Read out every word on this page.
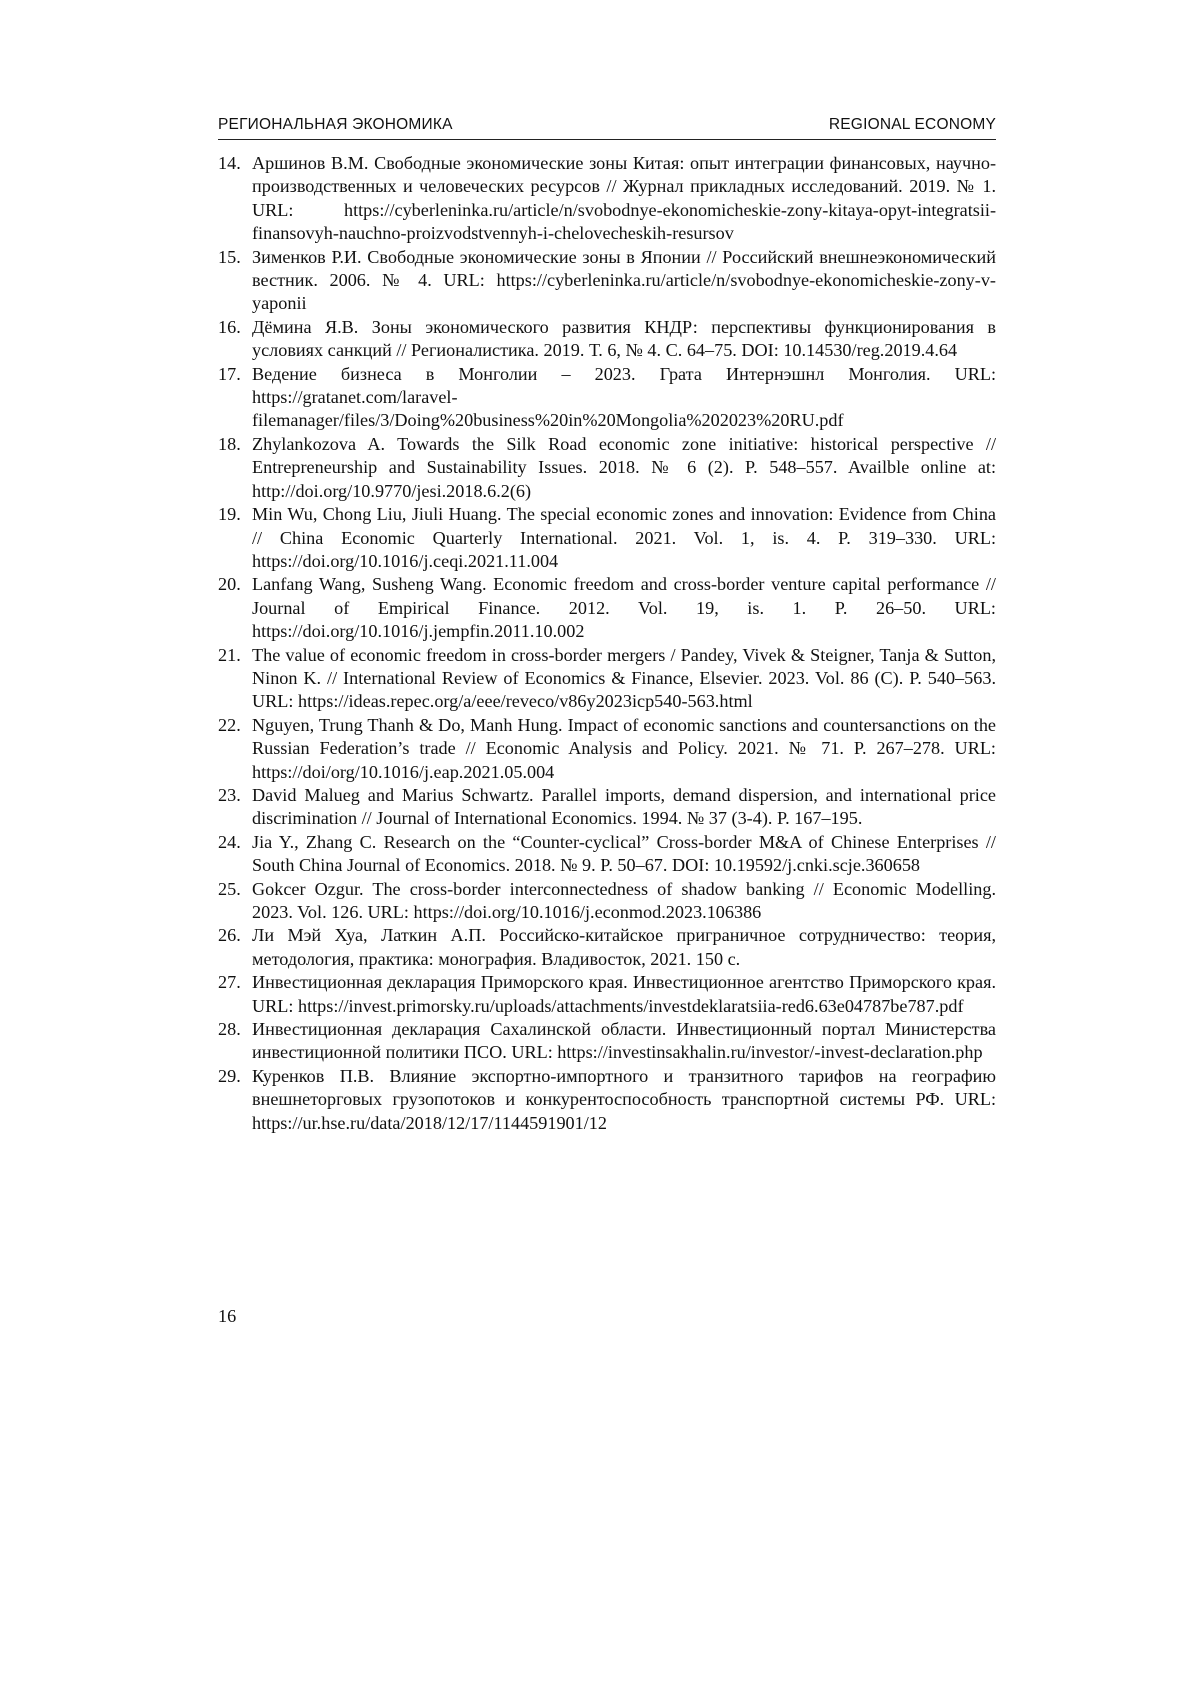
РЕГИОНАЛЬНАЯ ЭКОНОМИКА	REGIONAL ECONOMY
14. Аршинов В.М. Свободные экономические зоны Китая: опыт интеграции финансовых, научно-производственных и человеческих ресурсов // Журнал прикладных исследований. 2019. № 1. URL: https://cyberleninka.ru/article/n/svobodnye-ekonomicheskie-zony-kitaya-opyt-integratsii-finansovyh-nauchno-proizvodstvennyh-i-chelovecheskih-resursov
15. Зименков Р.И. Свободные экономические зоны в Японии // Российский внешнеэкономический вестник. 2006. № 4. URL: https://cyberleninka.ru/article/n/svobodnye-ekonomicheskie-zony-v-yaponii
16. Дёмина Я.В. Зоны экономического развития КНДР: перспективы функционирования в условиях санкций // Регионалистика. 2019. Т. 6, № 4. С. 64–75. DOI: 10.14530/reg.2019.4.64
17. Ведение бизнеса в Монголии – 2023. Грата Интернэшнл Монголия. URL: https://gratanet.com/laravel-filemanager/files/3/Doing%20business%20in%20Mongolia%202023%20RU.pdf
18. Zhylankozova A. Towards the Silk Road economic zone initiative: historical perspective // Entrepreneurship and Sustainability Issues. 2018. № 6 (2). P. 548–557. Availble online at: http://doi.org/10.9770/jesi.2018.6.2(6)
19. Min Wu, Chong Liu, Jiuli Huang. The special economic zones and innovation: Evidence from China // China Economic Quarterly International. 2021. Vol. 1, is. 4. P. 319–330. URL: https://doi.org/10.1016/j.ceqi.2021.11.004
20. Lanfang Wang, Susheng Wang. Economic freedom and cross-border venture capital performance // Journal of Empirical Finance. 2012. Vol. 19, is. 1. P. 26–50. URL: https://doi.org/10.1016/j.jempfin.2011.10.002
21. The value of economic freedom in cross-border mergers / Pandey, Vivek & Steigner, Tanja & Sutton, Ninon K. // International Review of Economics & Finance, Elsevier. 2023. Vol. 86 (C). P. 540–563. URL: https://ideas.repec.org/a/eee/reveco/v86y2023icp540-563.html
22. Nguyen, Trung Thanh & Do, Manh Hung. Impact of economic sanctions and countersanctions on the Russian Federation’s trade // Economic Analysis and Policy. 2021. № 71. P. 267–278. URL: https://doi/org/10.1016/j.eap.2021.05.004
23. David Malueg and Marius Schwartz. Parallel imports, demand dispersion, and international price discrimination // Journal of International Economics. 1994. № 37 (3-4). P. 167–195.
24. Jia Y., Zhang C. Research on the “Counter-cyclical” Cross-border M&A of Chinese Enterprises // South China Journal of Economics. 2018. № 9. P. 50–67. DOI: 10.19592/j.cnki.scje.360658
25. Gokcer Ozgur. The cross-border interconnectedness of shadow banking // Economic Modelling. 2023. Vol. 126. URL: https://doi.org/10.1016/j.econmod.2023.106386
26. Ли Мэй Хуа, Латкин А.П. Российско-китайское приграничное сотрудничество: теория, методология, практика: монография. Владивосток, 2021. 150 с.
27. Инвестиционная декларация Приморского края. Инвестиционное агентство Приморского края. URL: https://invest.primorsky.ru/uploads/attachments/investdeklaratsiia-red6.63e04787be787.pdf
28. Инвестиционная декларация Сахалинской области. Инвестиционный портал Министерства инвестиционной политики ПСО. URL: https://investinsakhalin.ru/investor/-invest-declaration.php
29. Куренков П.В. Влияние экспортно-импортного и транзитного тарифов на географию внешнеторговых грузопотоков и конкурентоспособность транспортной системы РФ. URL: https://ur.hse.ru/data/2018/12/17/1144591901/12
16
